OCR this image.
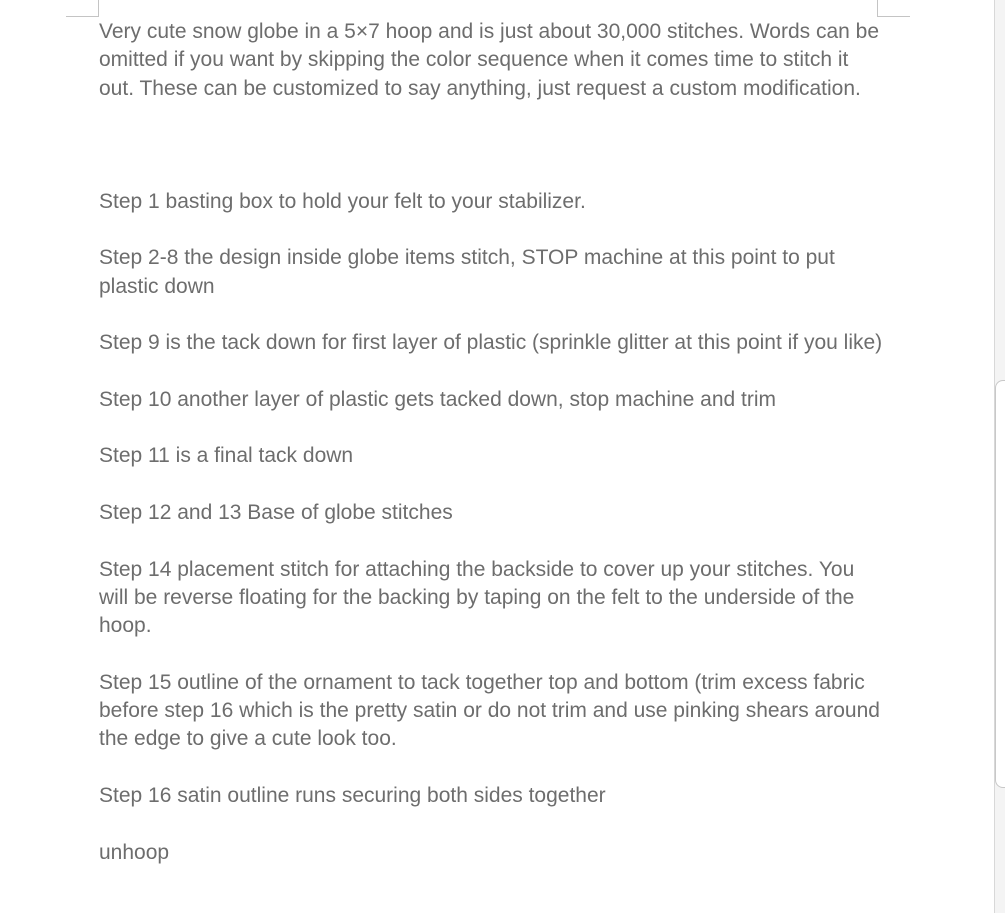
Very cute snow globe in a 5×7 hoop and is just about 30,000 stitches. Words can be omitted if you want by skipping the color sequence when it comes time to stitch it out. These can be customized to say anything, just request a custom modification.

Step 1 basting box to hold your felt to your stabilizer.

Step 2-8 the design inside globe items stitch, STOP machine at this point to put plastic down

Step 9 is the tack down for first layer of plastic (sprinkle glitter at this point if you like)

Step 10 another layer of plastic gets tacked down, stop machine and trim

Step 11 is a final tack down

Step 12 and 13 Base of globe stitches

Step 14 placement stitch for attaching the backside to cover up your stitches. You will be reverse floating for the backing by taping on the felt to the underside of the hoop.

Step 15 outline of the ornament to tack together top and bottom (trim excess fabric before step 16 which is the pretty satin or do not trim and use pinking shears around the edge to give a cute look too.

Step 16 satin outline runs securing both sides together

unhoop
